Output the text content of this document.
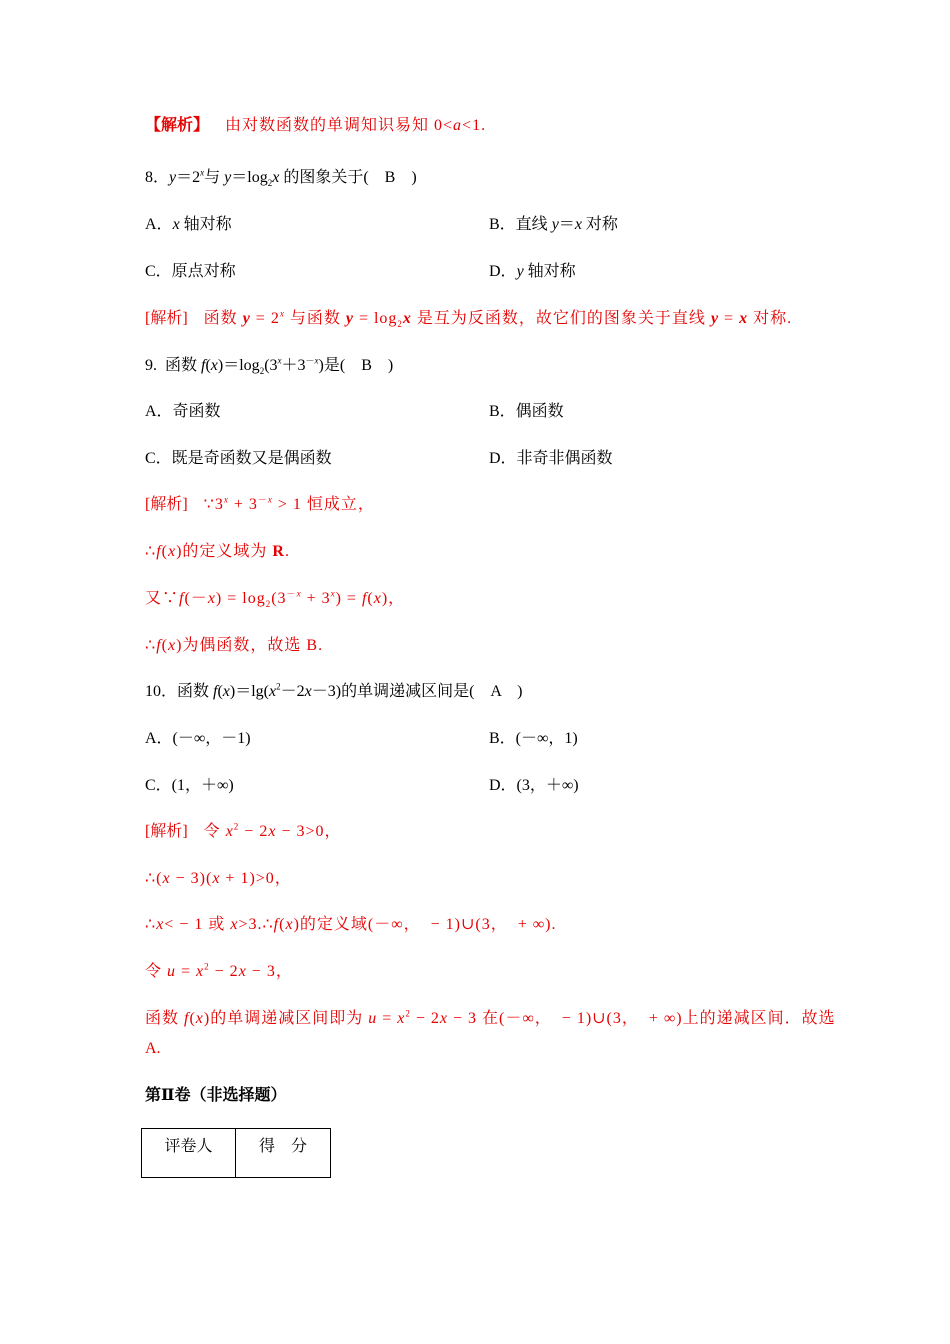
【解析】 由对数函数的单调知识易知 0<a<1.
8．$y=2^x$与 $y=\log_2x$ 的图象关于(    B    )
A．x 轴对称	B．直线 y＝x 对称
C．原点对称	D．y 轴对称
[解析] 函数 $y = 2^x$ 与函数 $y = \log_2x$ 是互为反函数，故它们的图象关于直线 y = x 对称.
9.  函数 $f(x)=\log_2(3^x+3^{-x})$是(    B    )
A．奇函数	B．偶函数
C．既是奇函数又是偶函数	D．非奇非偶函数
[解析] $\because 3^x + 3^{-x} > 1$ 恒成立，
∴f(x)的定义域为 R.
又∵f(－x) = $\log_2(3^{-x} + 3^x) = f(x)$，
∴f(x)为偶函数，故选 B.
10．函数 $f(x)=\lg(x^2-2x-3)$的单调递减区间是(    A    )
A．(－∞，－1)	B．(－∞，1)
C．(1，＋∞)	D．(3，＋∞)
[解析] 令 $x^2 - 2x - 3>0$，
∴(x − 3)(x + 1)>0，
∴x< − 1 或 x>3.∴f(x)的定义域(－∞，  − 1)∪(3，  + ∞).
令 $u = x^2 - 2x - 3$，
函数 f(x)的单调递减区间即为 $u = x^2 - 2x - 3$ 在(－∞，  − 1)∪(3，  + ∞)上的递减区间．故选
A.
第Ⅱ卷（非选择题）
评卷人	得　分
